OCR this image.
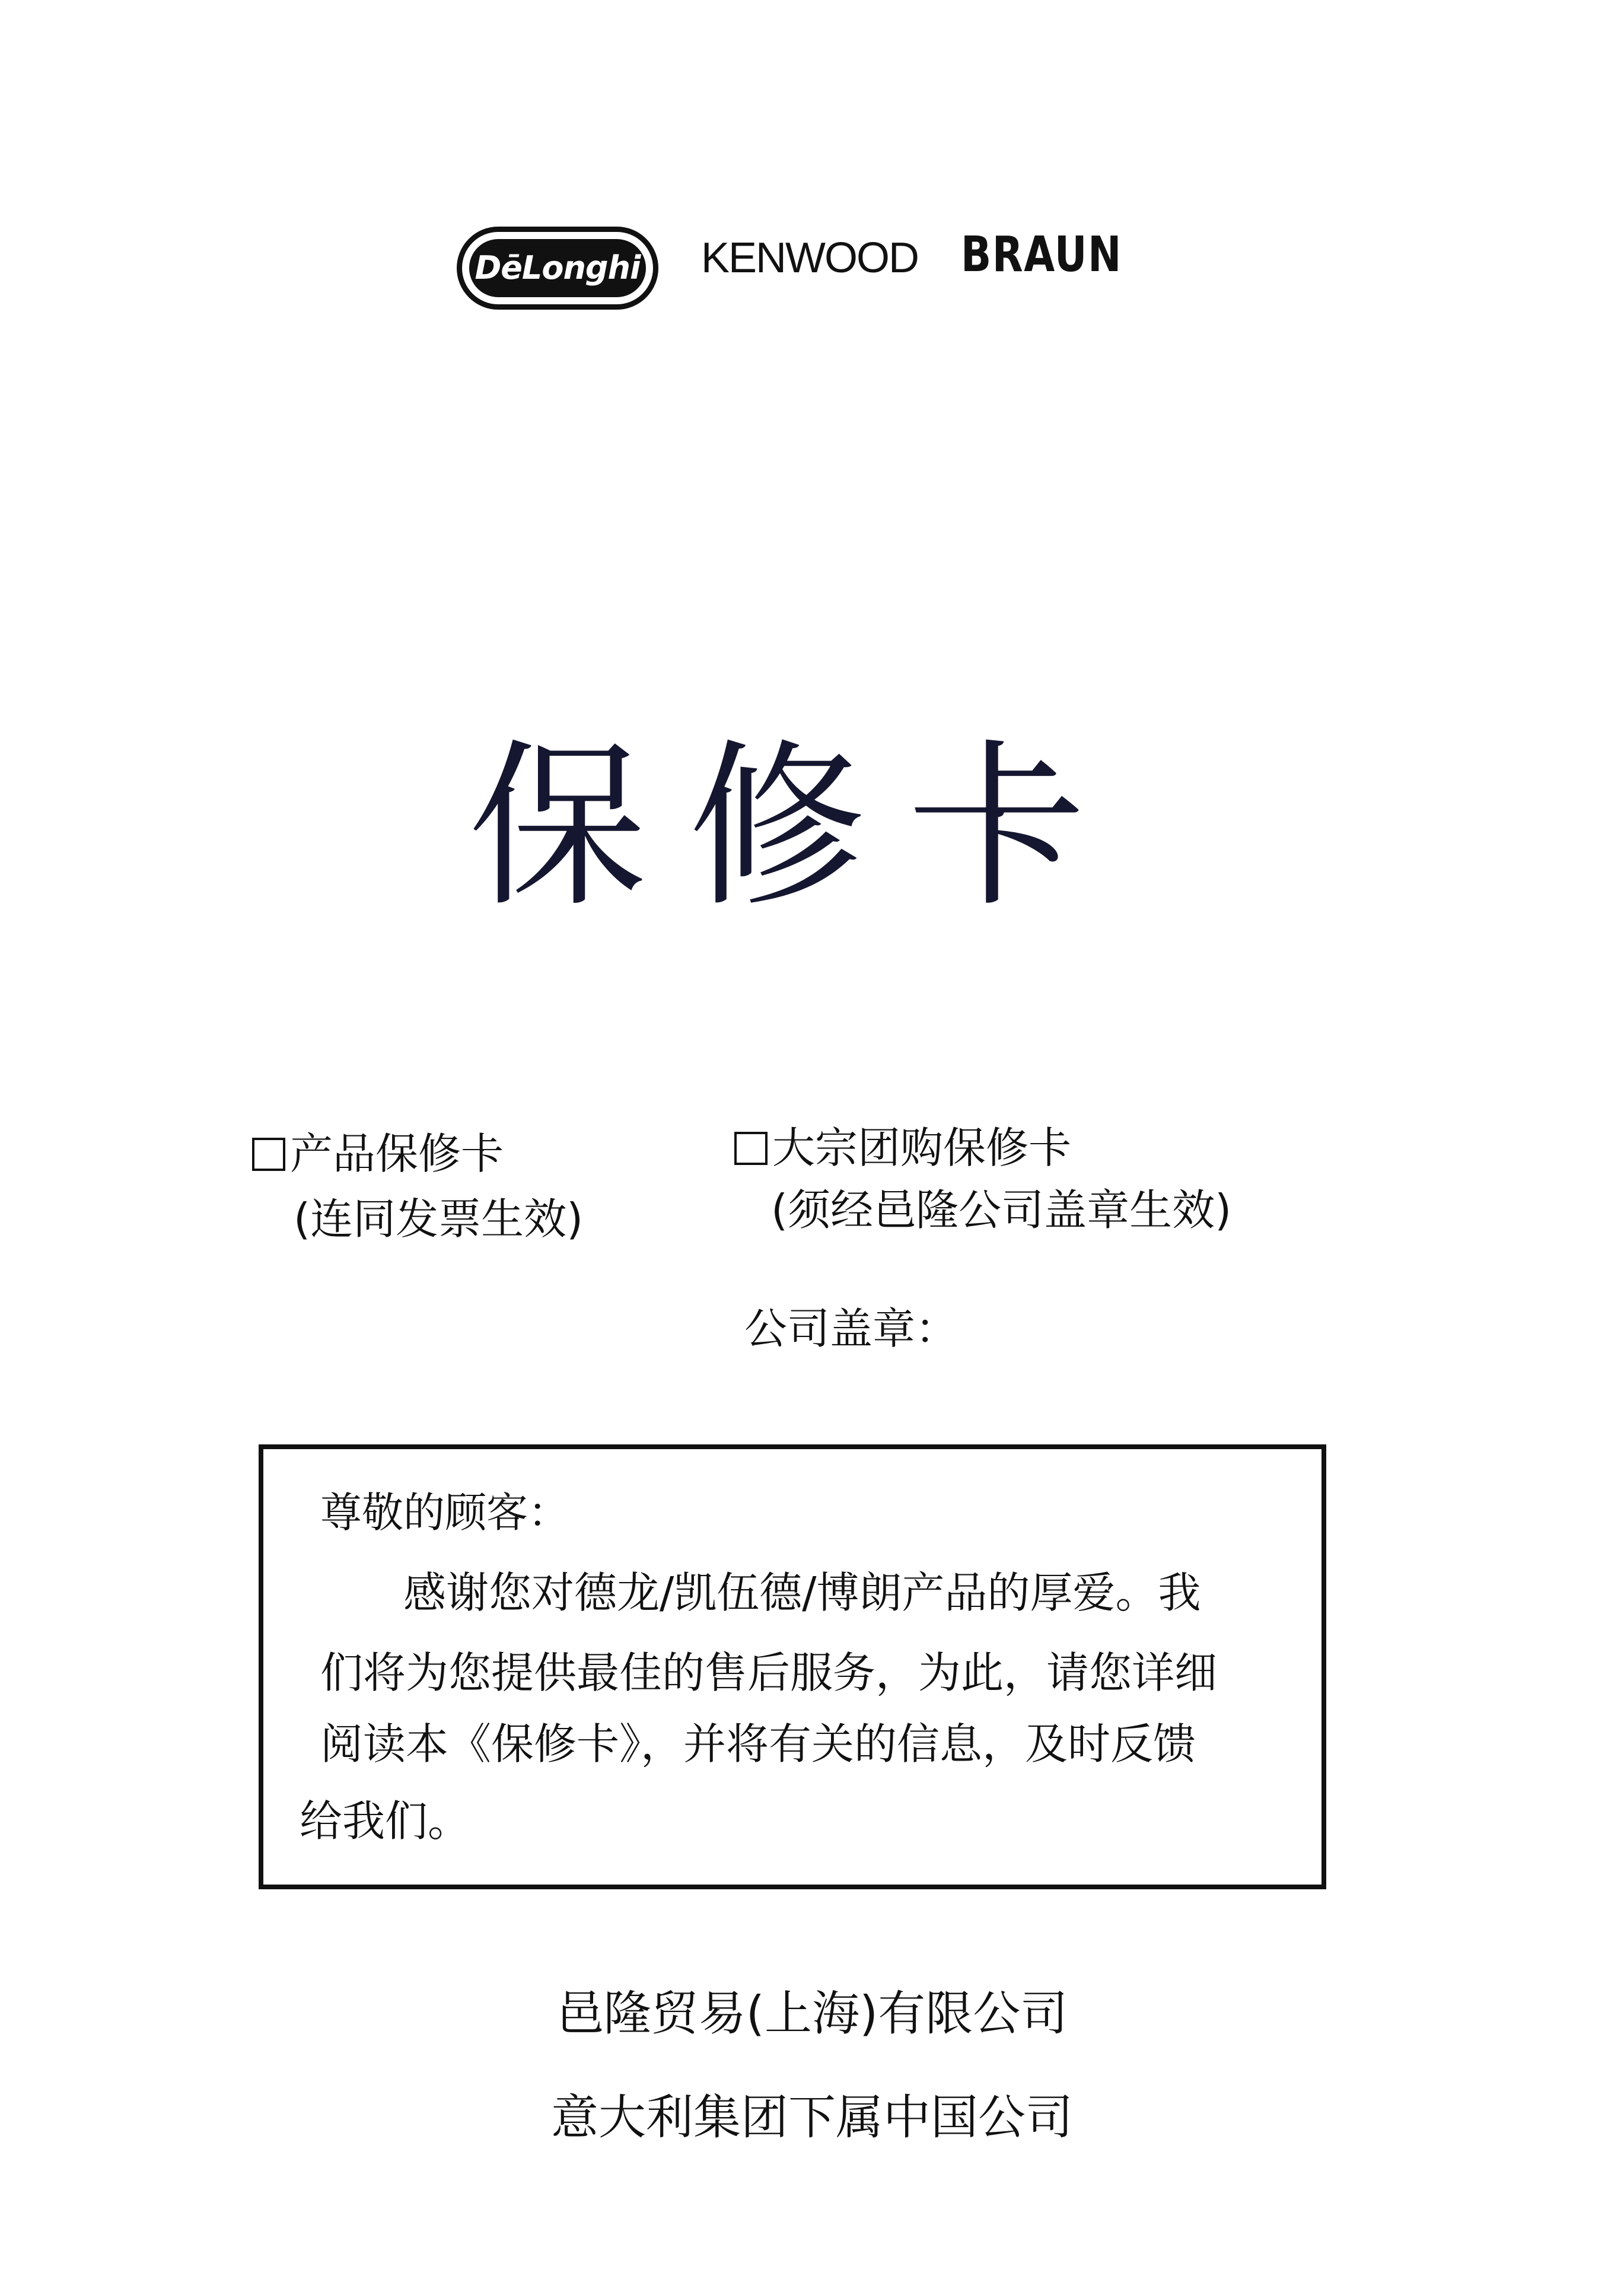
DēLonghi KENWOOD BRAUN
保修卡
产品保修卡
(连同发票生效)
大宗团购保修卡
(须经邑隆公司盖章生效)
公司盖章：
尊敬的顾客：
感谢您对德龙/凯伍德/博朗产品的厚爱。我
们将为您提供最佳的售后服务，为此，请您详细
阅读本《保修卡》，并将有关的信息，及时反馈
给我们。
邑隆贸易(上海)有限公司
意大利集团下属中国公司
